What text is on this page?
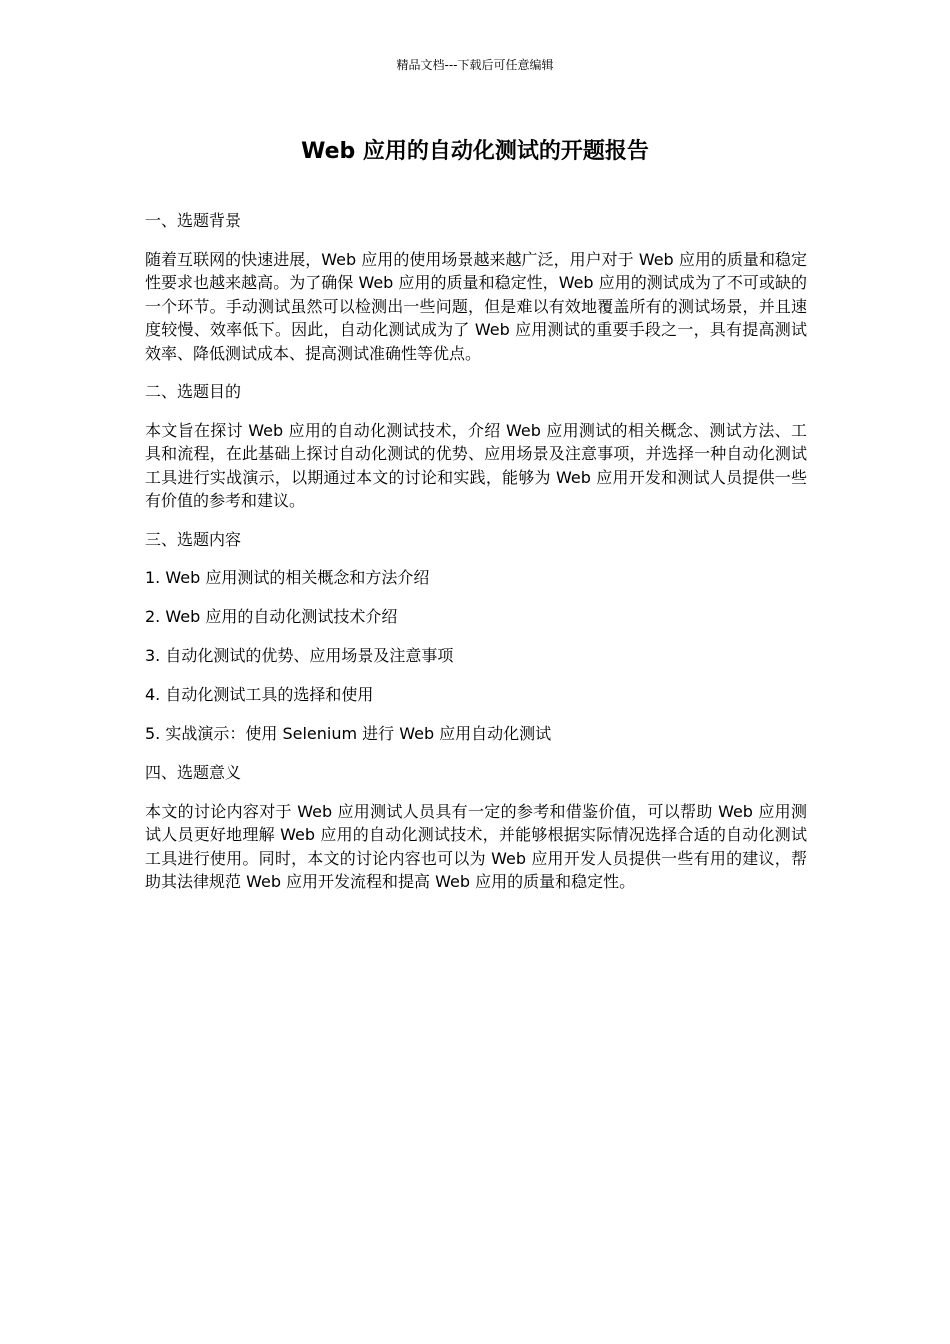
精品文档---下载后可任意编辑
Web 应用的自动化测试的开题报告

一、选题背景

随着互联网的快速进展，Web 应用的使用场景越来越广泛，用户对于 Web 应用的质量和稳定性要求也越来越高。为了确保 Web 应用的质量和稳定性，Web 应用的测试成为了不可或缺的一个环节。手动测试虽然可以检测出一些问题，但是难以有效地覆盖所有的测试场景，并且速度较慢、效率低下。因此，自动化测试成为了 Web 应用测试的重要手段之一，具有提高测试效率、降低测试成本、提高测试准确性等优点。

二、选题目的

本文旨在探讨 Web 应用的自动化测试技术，介绍 Web 应用测试的相关概念、测试方法、工具和流程，在此基础上探讨自动化测试的优势、应用场景及注意事项，并选择一种自动化测试工具进行实战演示，以期通过本文的讨论和实践，能够为 Web 应用开发和测试人员提供一些有价值的参考和建议。

三、选题内容

1. Web 应用测试的相关概念和方法介绍

2. Web 应用的自动化测试技术介绍

3. 自动化测试的优势、应用场景及注意事项

4. 自动化测试工具的选择和使用

5. 实战演示：使用 Selenium 进行 Web 应用自动化测试

四、选题意义

本文的讨论内容对于 Web 应用测试人员具有一定的参考和借鉴价值，可以帮助 Web 应用测试人员更好地理解 Web 应用的自动化测试技术，并能够根据实际情况选择合适的自动化测试工具进行使用。同时，本文的讨论内容也可以为 Web 应用开发人员提供一些有用的建议，帮助其法律规范 Web 应用开发流程和提高 Web 应用的质量和稳定性。
